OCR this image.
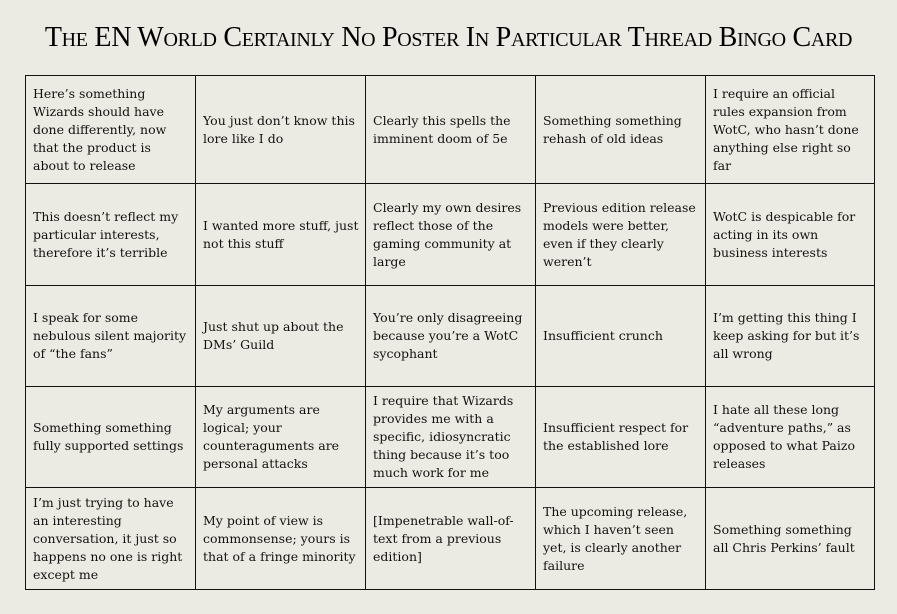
The EN World Certainly No Poster In Particular Thread Bingo Card
Here’s something Wizards should have done differently, now that the product is about to release
You just don’t know this lore like I do
Clearly this spells the imminent doom of 5e
Something something rehash of old ideas
I require an official rules expansion from WotC, who hasn’t done anything else right so far
This doesn’t reflect my particular interests, therefore it’s terrible
I wanted more stuff, just not this stuff
Clearly my own desires reflect those of the gaming community at large
Previous edition release models were better, even if they clearly weren’t
WotC is despicable for acting in its own business interests
I speak for some nebulous silent majority of “the fans”
Just shut up about the DMs’ Guild
You’re only disagreeing because you’re a WotC sycophant
Insufficient crunch
I’m getting this thing I keep asking for but it’s all wrong
Something something fully supported settings
My arguments are logical; your counteraguments are personal attacks
I require that Wizards provides me with a specific, idiosyncratic thing because it’s too much work for me
Insufficient respect for the established lore
I hate all these long “adventure paths,” as opposed to what Paizo releases
I’m just trying to have an interesting conversation, it just so happens no one is right except me
My point of view is commonsense; yours is that of a fringe minority
[Impenetrable wall-of-text from a previous edition]
The upcoming release, which I haven’t seen yet, is clearly another failure
Something something all Chris Perkins’ fault
